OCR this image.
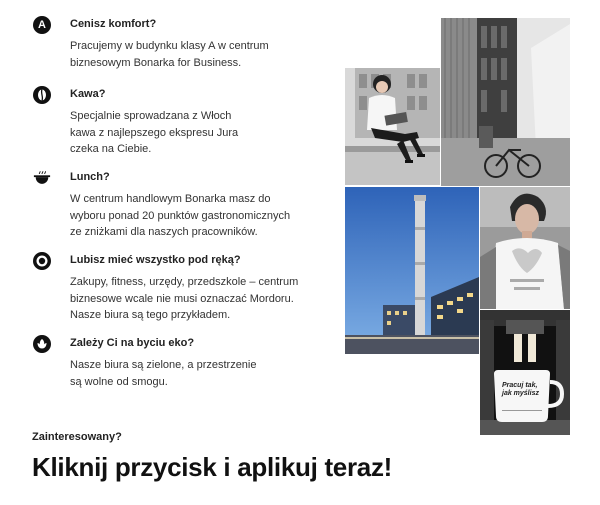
A Cenisz komfort?

Pracujemy w budynku klasy A w centrum
biznesowym Bonarka for Business.

Kawa?

Specjalnie sprowadzana z Włoch
kawa z najlepszego ekspresu Jura
czeka na Ciebie.

Lunch?

W centrum handlowym Bonarka masz do
wyboru ponad 20 punktów gastronomicznych
ze zniżkami dla naszych pracowników.

Lubisz mieć wszystko pod ręką?

Zakupy, fitness, urzędy, przedszkole – centrum
biznesowe wcale nie musi oznaczać Mordoru.
Nasze biura są tego przykładem.

Zależy Ci na byciu eko?

Nasze biura są zielone, a przestrzenie
są wolne od smogu.	Pracuj tak, jak myślisz
Zainteresowany?
Kliknij przycisk i aplikuj teraz!
